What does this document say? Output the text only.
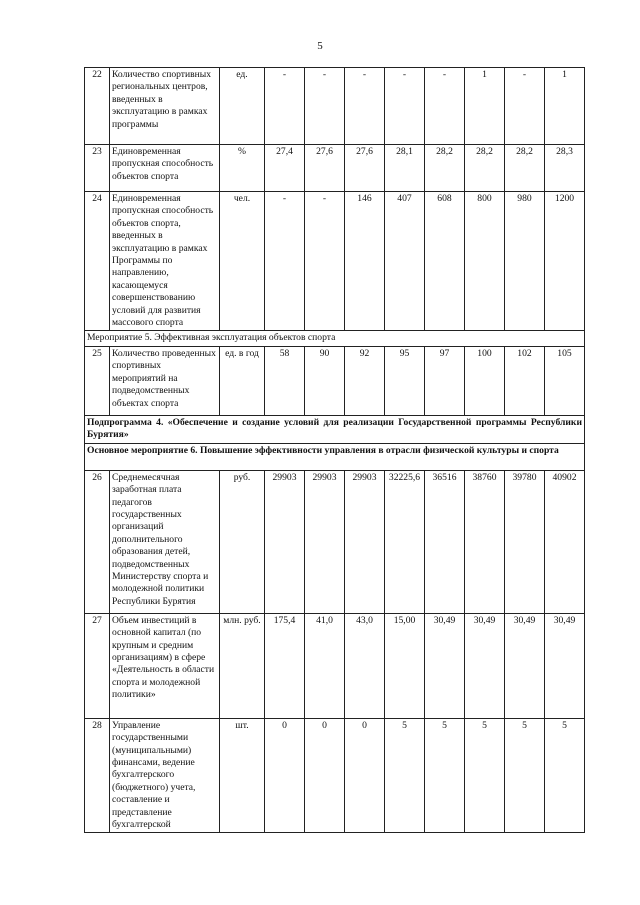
5
22	Количество спортивных региональных центров, введенных в эксплуатацию в рамках программы	ед.	-	-	-	-	-	1	-	1
23	Единовременная пропускная способность объектов спорта	%	27,4	27,6	27,6	28,1	28,2	28,2	28,2	28,3
24	Единовременная пропускная способность объектов спорта, введенных в эксплуатацию в рамках Программы по направлению, касающемуся совершенствованию условий для развития массового спорта	чел.	-	-	146	407	608	800	980	1200
Мероприятие 5. Эффективная эксплуатация объектов спорта										
25	Количество проведенных спортивных мероприятий на подведомственных объектах спорта	ед. в год	58	90	92	95	97	100	102	105
Подпрограмма 4. «Обеспечение и создание условий для реализации Государственной программы Республики Бурятия»										
Основное мероприятие 6. Повышение эффективности управления в отрасли физической культуры и спорта										
26	Среднемесячная заработная плата педагогов государственных организаций дополнительного образования детей, подведомственных Министерству спорта и молодежной политики Республики Бурятия	руб.	29903	29903	29903	32225,6	36516	38760	39780	40902
27	Объем инвестиций в основной капитал (по крупным и средним организациям) в сфере «Деятельность в области спорта и молодежной политики»	млн. руб.	175,4	41,0	43,0	15,00	30,49	30,49	30,49	30,49
28	Управление государственными (муниципальными) финансами, ведение бухгалтерского (бюджетного) учета, составление и представление бухгалтерской	шт.	0	0	0	5	5	5	5	5
